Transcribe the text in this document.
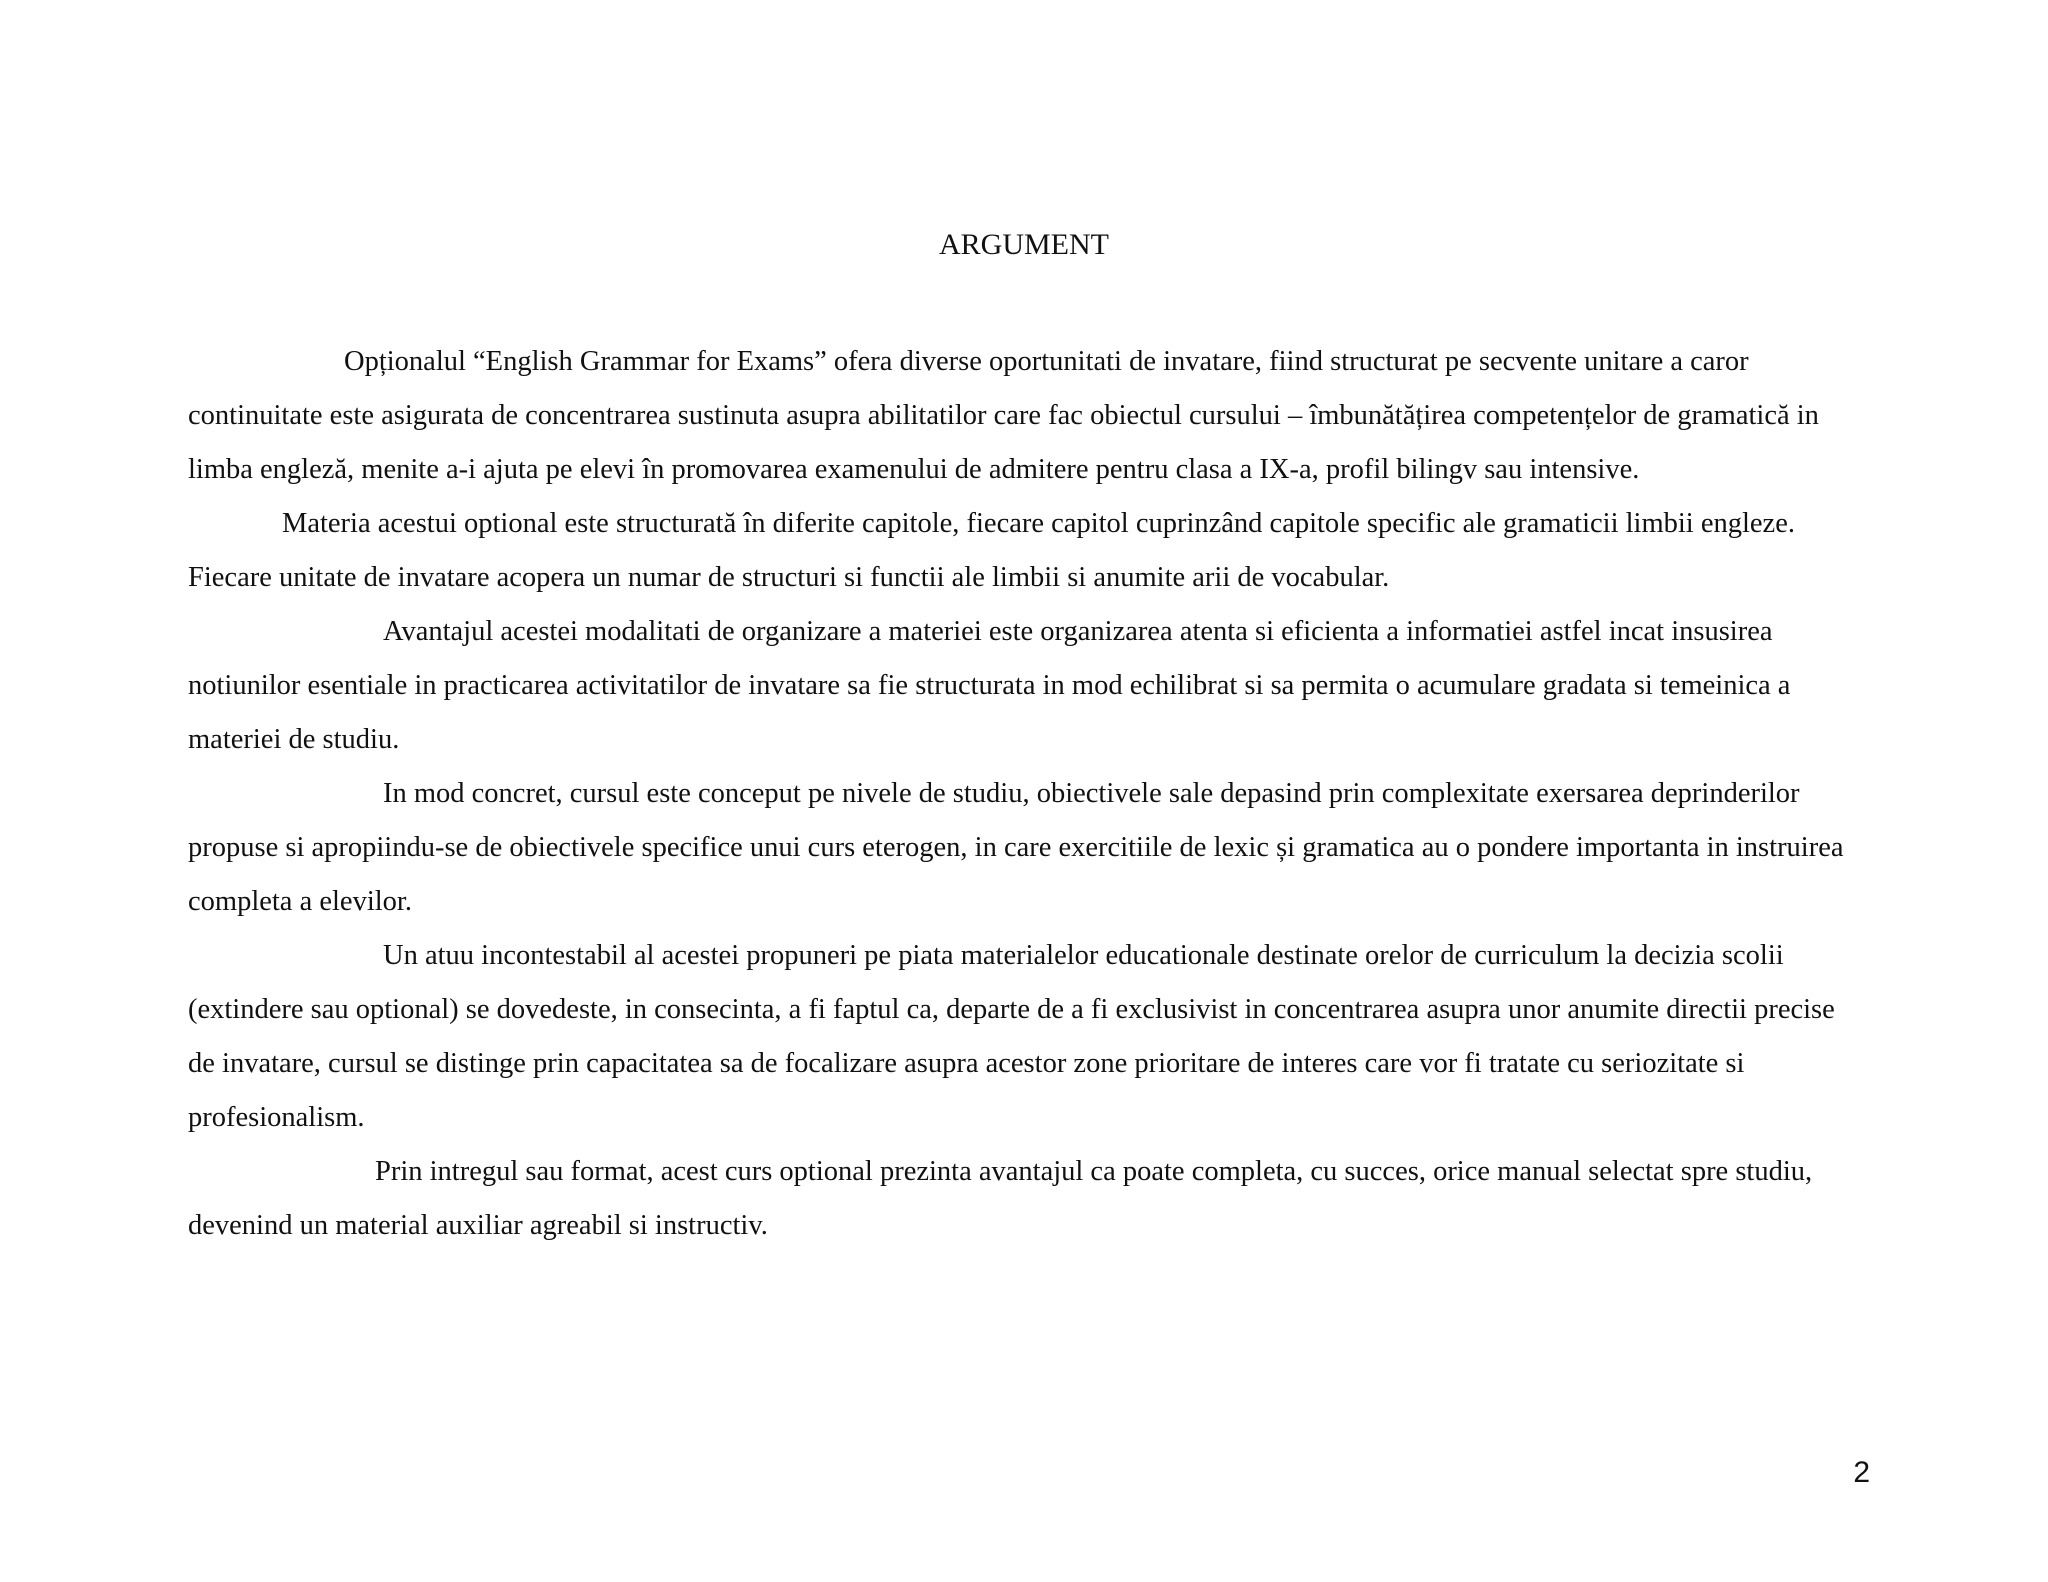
ARGUMENT

Opționalul “English Grammar for Exams” ofera diverse oportunitati de invatare, fiind structurat pe secvente unitare a caror continuitate este asigurata de concentrarea sustinuta asupra abilitatilor care fac obiectul cursului – îmbunătățirea competențelor de gramatică in limba engleză, menite a-i ajuta pe elevi în promovarea examenului de admitere pentru clasa a IX-a, profil bilingv sau intensive.

Materia acestui optional este structurată în diferite capitole, fiecare capitol cuprinzând capitole specific ale gramaticii limbii engleze. Fiecare unitate de invatare acopera un numar de structuri si functii ale limbii si anumite arii de vocabular.

Avantajul acestei modalitati de organizare a materiei este organizarea atenta si eficienta a informatiei astfel incat insusirea notiunilor esentiale in practicarea activitatilor de invatare sa fie structurata in mod echilibrat si sa permita o acumulare gradata si temeinica a materiei de studiu.

In mod concret, cursul este conceput pe nivele de studiu, obiectivele sale depasind prin complexitate exersarea deprinderilor propuse si apropiindu-se de obiectivele specifice unui curs eterogen, in care exercitiile de lexic și gramatica au o pondere importanta in instruirea completa a elevilor.

Un atuu incontestabil al acestei propuneri pe piata materialelor educationale destinate orelor de curriculum la decizia scolii (extindere sau optional) se dovedeste, in consecinta, a fi faptul ca, departe de a fi exclusivist in concentrarea asupra unor anumite directii precise de invatare, cursul se distinge prin capacitatea sa de focalizare asupra acestor zone prioritare de interes care vor fi tratate cu seriozitate si profesionalism.

Prin intregul sau format, acest curs optional prezinta avantajul ca poate completa, cu succes, orice manual selectat spre studiu, devenind un material auxiliar agreabil si instructiv.

2
